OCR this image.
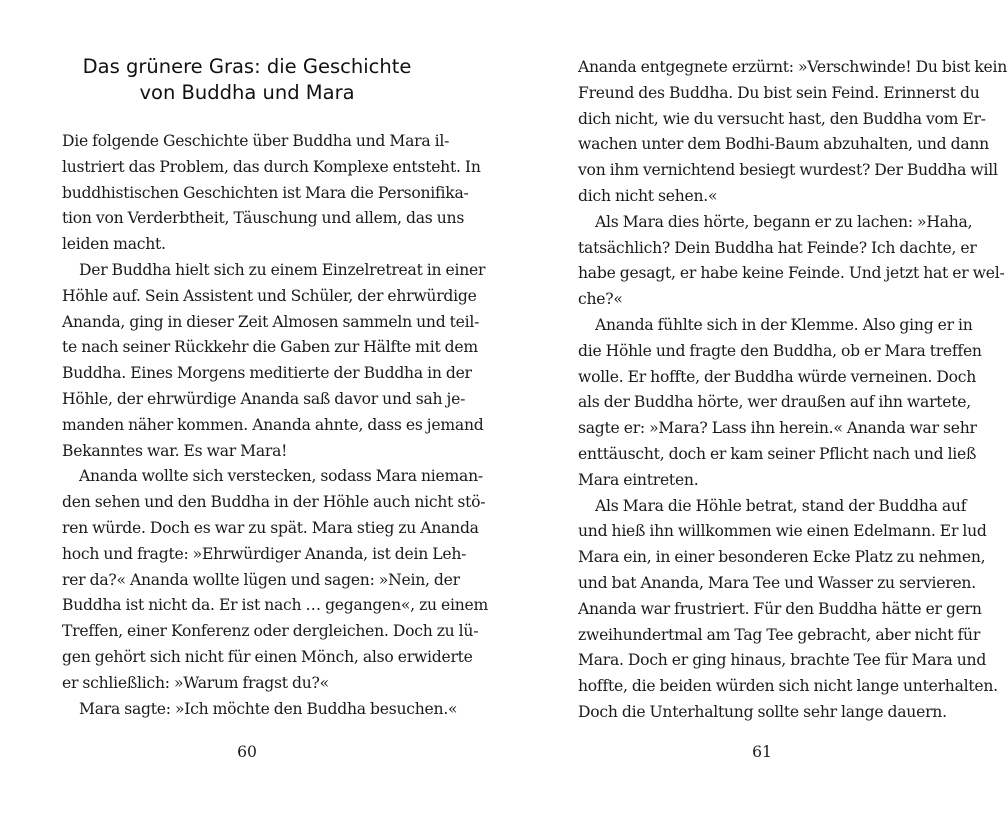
Das grünere Gras: die Geschichte
von Buddha und Mara
Die folgende Geschichte über Buddha und Mara il-
lustriert das Problem, das durch Komplexe entsteht. In
buddhistischen Geschichten ist Mara die Personifika-
tion von Verderbtheit, Täuschung und allem, das uns
leiden macht.
Der Buddha hielt sich zu einem Einzelretreat in einer
Höhle auf. Sein Assistent und Schüler, der ehrwürdige
Ananda, ging in dieser Zeit Almosen sammeln und teil-
te nach seiner Rückkehr die Gaben zur Hälfte mit dem
Buddha. Eines Morgens meditierte der Buddha in der
Höhle, der ehrwürdige Ananda saß davor und sah je-
manden näher kommen. Ananda ahnte, dass es jemand
Bekanntes war. Es war Mara!
Ananda wollte sich verstecken, sodass Mara nieman-
den sehen und den Buddha in der Höhle auch nicht stö-
ren würde. Doch es war zu spät. Mara stieg zu Ananda
hoch und fragte: »Ehrwürdiger Ananda, ist dein Leh-
rer da?« Ananda wollte lügen und sagen: »Nein, der
Buddha ist nicht da. Er ist nach … gegangen«, zu einem
Treffen, einer Konferenz oder dergleichen. Doch zu lü-
gen gehört sich nicht für einen Mönch, also erwiderte
er schließlich: »Warum fragst du?«
Mara sagte: »Ich möchte den Buddha besuchen.«

60

Ananda entgegnete erzürnt: »Verschwinde! Du bist kein
Freund des Buddha. Du bist sein Feind. Erinnerst du
dich nicht, wie du versucht hast, den Buddha vom Er-
wachen unter dem Bodhi-Baum abzuhalten, und dann
von ihm vernichtend besiegt wurdest? Der Buddha will
dich nicht sehen.«
Als Mara dies hörte, begann er zu lachen: »Haha,
tatsächlich? Dein Buddha hat Feinde? Ich dachte, er
habe gesagt, er habe keine Feinde. Und jetzt hat er wel-
che?«
Ananda fühlte sich in der Klemme. Also ging er in
die Höhle und fragte den Buddha, ob er Mara treffen
wolle. Er hoffte, der Buddha würde verneinen. Doch
als der Buddha hörte, wer draußen auf ihn wartete,
sagte er: »Mara? Lass ihn herein.« Ananda war sehr
enttäuscht, doch er kam seiner Pflicht nach und ließ
Mara eintreten.
Als Mara die Höhle betrat, stand der Buddha auf
und hieß ihn willkommen wie einen Edelmann. Er lud
Mara ein, in einer besonderen Ecke Platz zu nehmen,
und bat Ananda, Mara Tee und Wasser zu servieren.
Ananda war frustriert. Für den Buddha hätte er gern
zweihundertmal am Tag Tee gebracht, aber nicht für
Mara. Doch er ging hinaus, brachte Tee für Mara und
hoffte, die beiden würden sich nicht lange unterhalten.
Doch die Unterhaltung sollte sehr lange dauern.

61
